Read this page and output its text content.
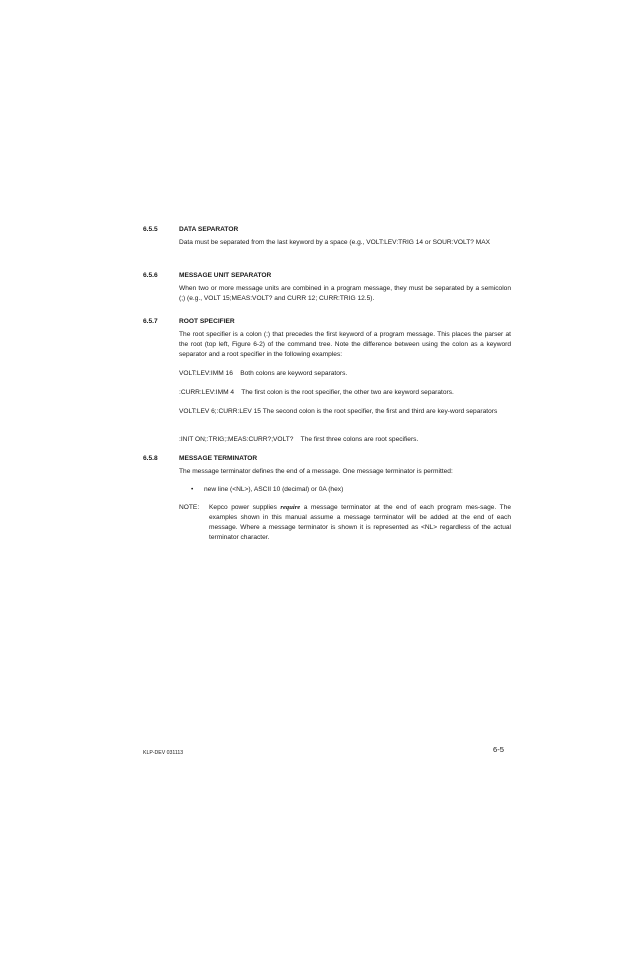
6.5.5	DATA SEPARATOR
Data must be separated from the last keyword by a space (e.g., VOLT:LEV:TRIG 14 or SOUR:VOLT? MAX
6.5.6	MESSAGE UNIT SEPARATOR
When two or more message units are combined in a program message, they must be separated by a semicolon (;) (e.g., VOLT 15;MEAS:VOLT? and CURR 12; CURR:TRIG 12.5).
6.5.7	ROOT SPECIFIER
The root specifier is a colon (:) that precedes the first keyword of a program message. This places the parser at the root (top left, Figure 6-2) of the command tree. Note the difference between using the colon as a keyword separator and a root specifier in the following examples:
VOLT:LEV:IMM 16 Both colons are keyword separators.
:CURR:LEV:IMM 4 The first colon is the root specifier, the other two are keyword separators.
VOLT:LEV 6;:CURR:LEV 15 The second colon is the root specifier, the first and third are key-word separators
:INIT ON;:TRIG;:MEAS:CURR?;VOLT? The first three colons are root specifiers.
6.5.8	MESSAGE TERMINATOR
The message terminator defines the end of a message. One message terminator is permitted:
• new line (<NL>), ASCII 10 (decimal) or 0A (hex)
NOTE: Kepco power supplies require a message terminator at the end of each program mes-sage. The examples shown in this manual assume a message terminator will be added at the end of each message. Where a message terminator is shown it is represented as <NL> regardless of the actual terminator character.
KLP-DEV 031113	6-5
